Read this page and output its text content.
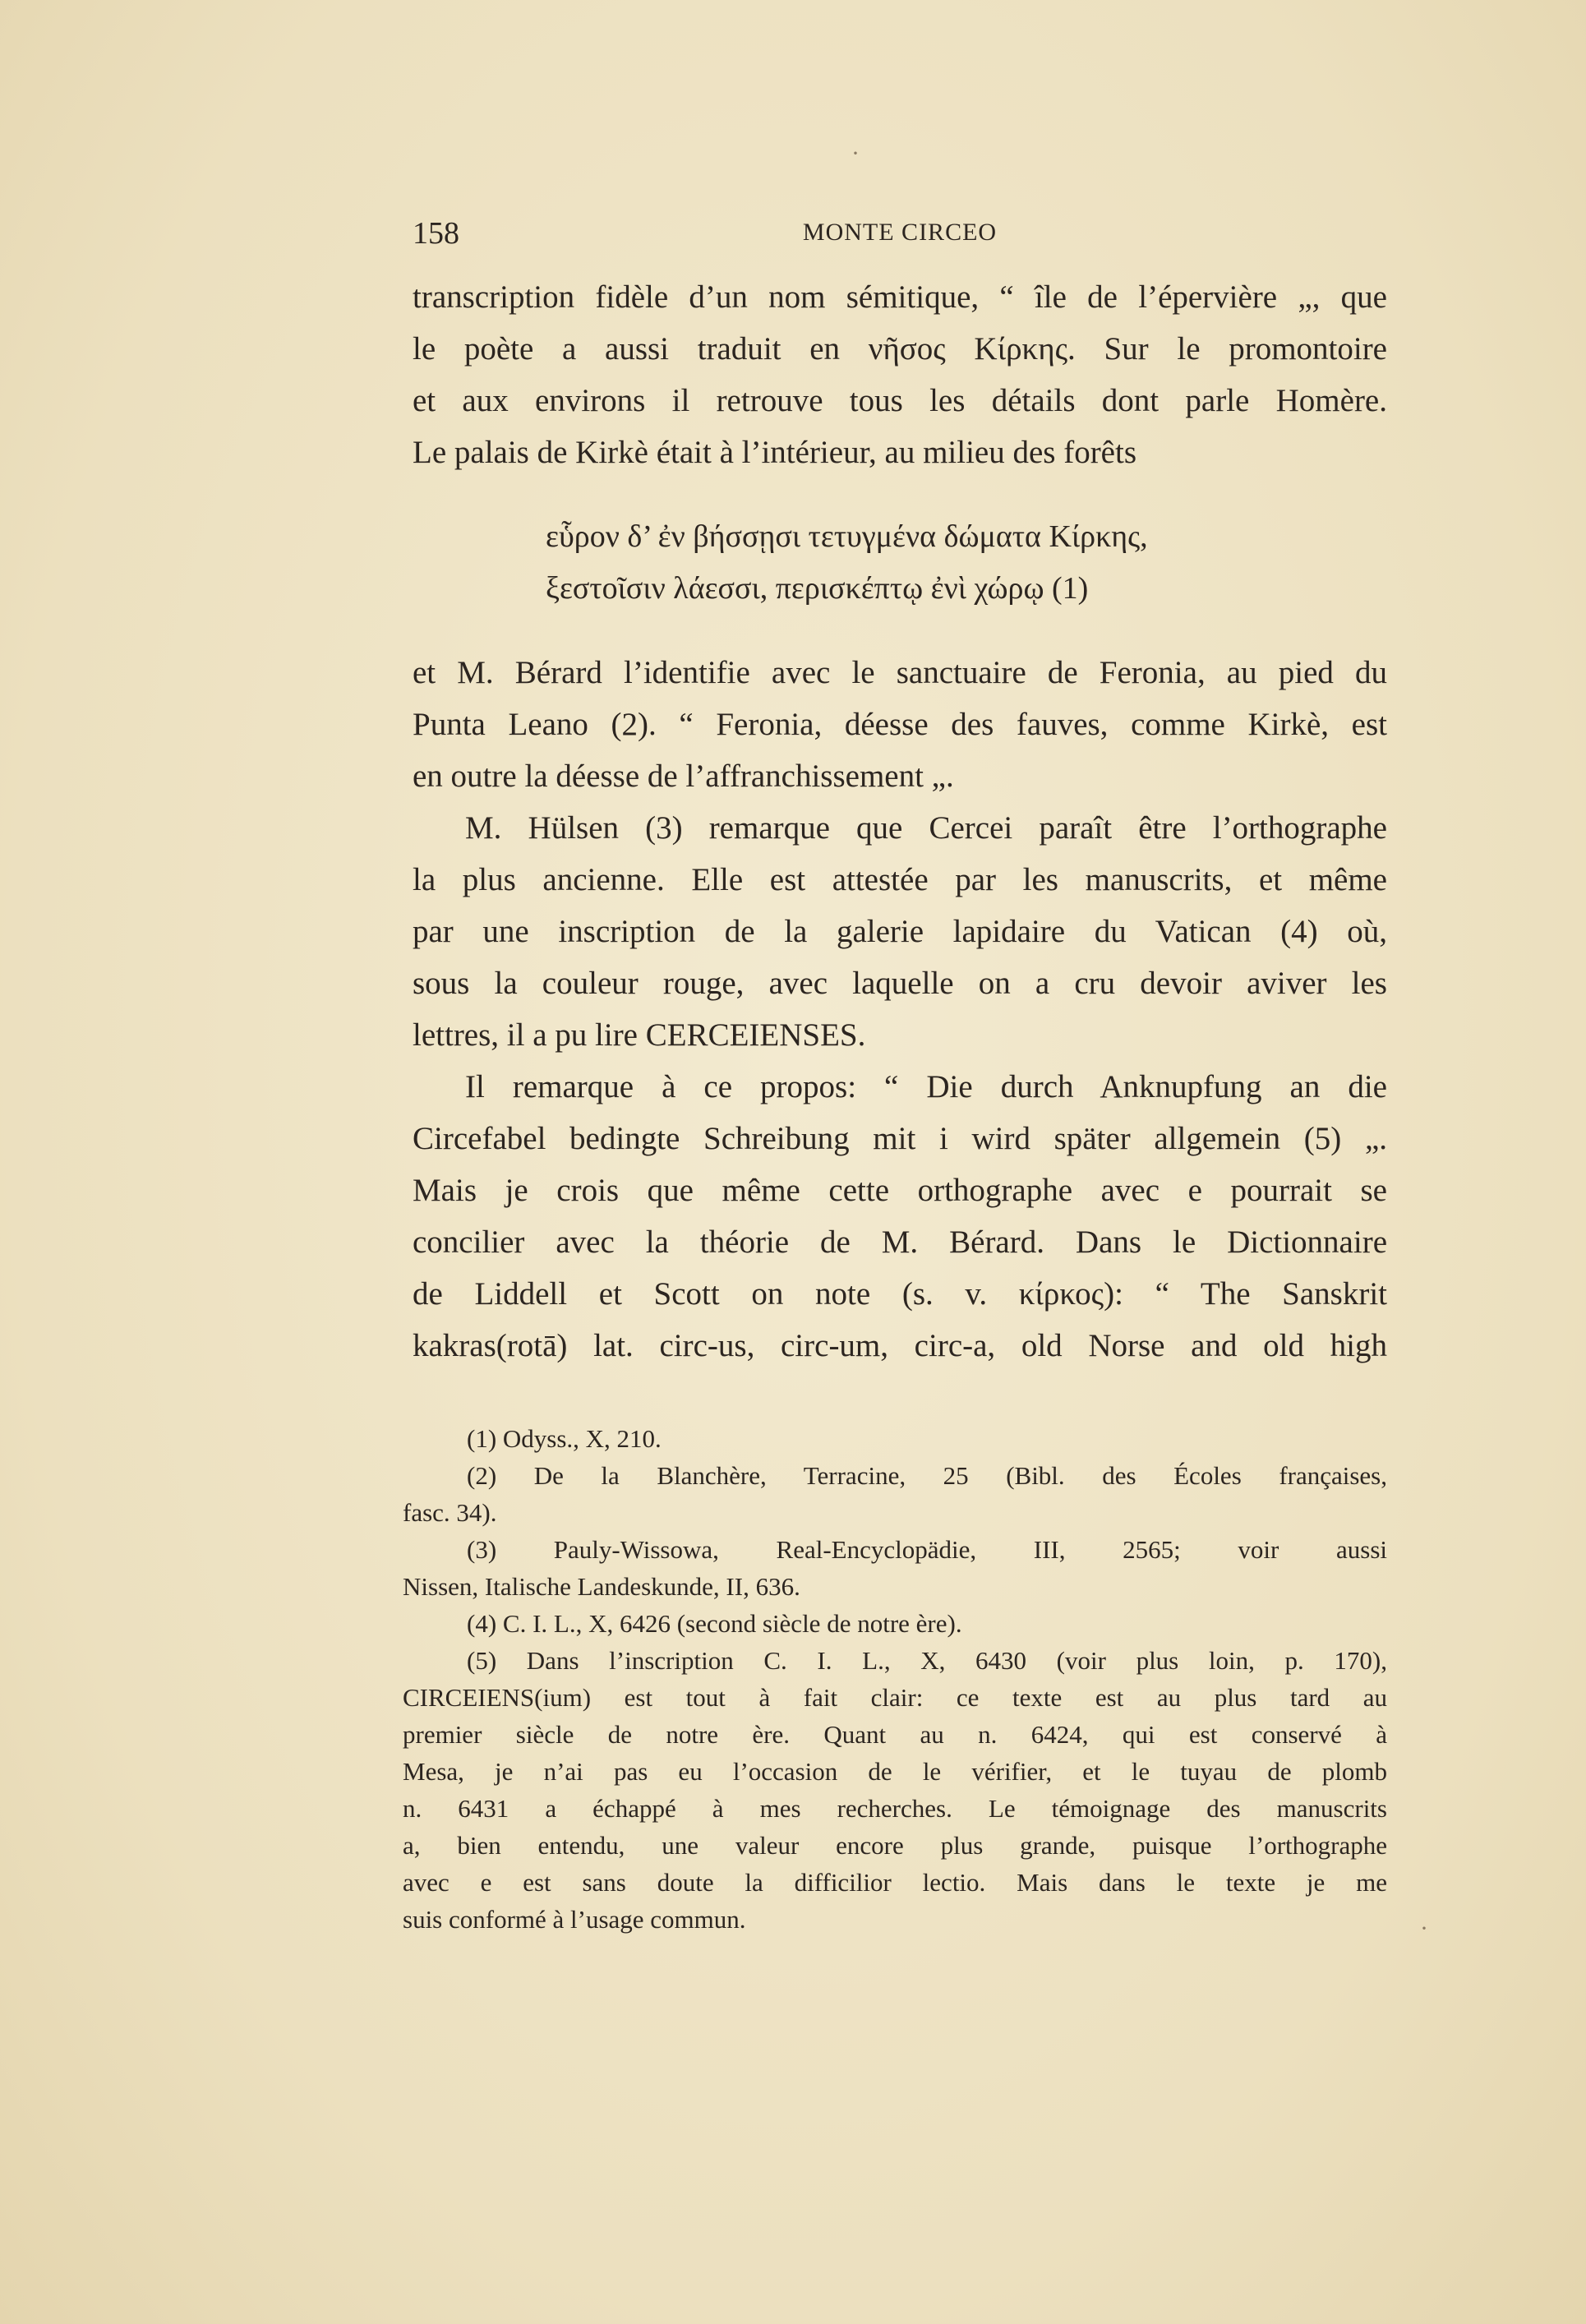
158	MONTE CIRCEO
transcription fidèle d’un nom sémitique, “ île de l’épervière „, que
le poète a aussi traduit en νῆσος Κίρκης. Sur le promontoire
et aux environs il retrouve tous les détails dont parle Homère.
Le palais de Kirkè était à l’intérieur, au milieu des forêts
εὗρον δ’ ἐν βήσσῃσι τετυγμένα δώματα Κίρκης,
ξεστοῖσιν λάεσσι, περισκέπτῳ ἐνὶ χώρῳ (1)
et M. Bérard l’identifie avec le sanctuaire de Feronia, au pied du
Punta Leano (2). “ Feronia, déesse des fauves, comme Kirkè, est
en outre la déesse de l’affranchissement „.
M. Hülsen (3) remarque que Cercei paraît être l’orthographe
la plus ancienne. Elle est attestée par les manuscrits, et même
par une inscription de la galerie lapidaire du Vatican (4) où,
sous la couleur rouge, avec laquelle on a cru devoir aviver les
lettres, il a pu lire CERCEIENSES.
Il remarque à ce propos: “ Die durch Anknupfung an die
Circefabel bedingte Schreibung mit i wird später allgemein (5) „.
Mais je crois que même cette orthographe avec e pourrait se
concilier avec la théorie de M. Bérard. Dans le Dictionnaire
de Liddell et Scott on note (s. v. κίρκος): “ The Sanskrit
kakras(rotā) lat. circ-us, circ-um, circ-a, old Norse and old high
(1) Odyss., X, 210.
(2) De la Blanchère, Terracine, 25 (Bibl. des Écoles françaises,
fasc. 34).
(3) Pauly-Wissowa, Real-Encyclopädie, III, 2565; voir aussi
Nissen, Italische Landeskunde, II, 636.
(4) C. I. L., X, 6426 (second siècle de notre ère).
(5) Dans l’inscription C. I. L., X, 6430 (voir plus loin, p. 170),
CIRCEIENS(ium) est tout à fait clair: ce texte est au plus tard au
premier siècle de notre ère. Quant au n. 6424, qui est conservé à
Mesa, je n’ai pas eu l’occasion de le vérifier, et le tuyau de plomb
n. 6431 a échappé à mes recherches. Le témoignage des manuscrits
a, bien entendu, une valeur encore plus grande, puisque l’orthographe
avec e est sans doute la difficilior lectio. Mais dans le texte je me
suis conformé à l’usage commun.
·
·
